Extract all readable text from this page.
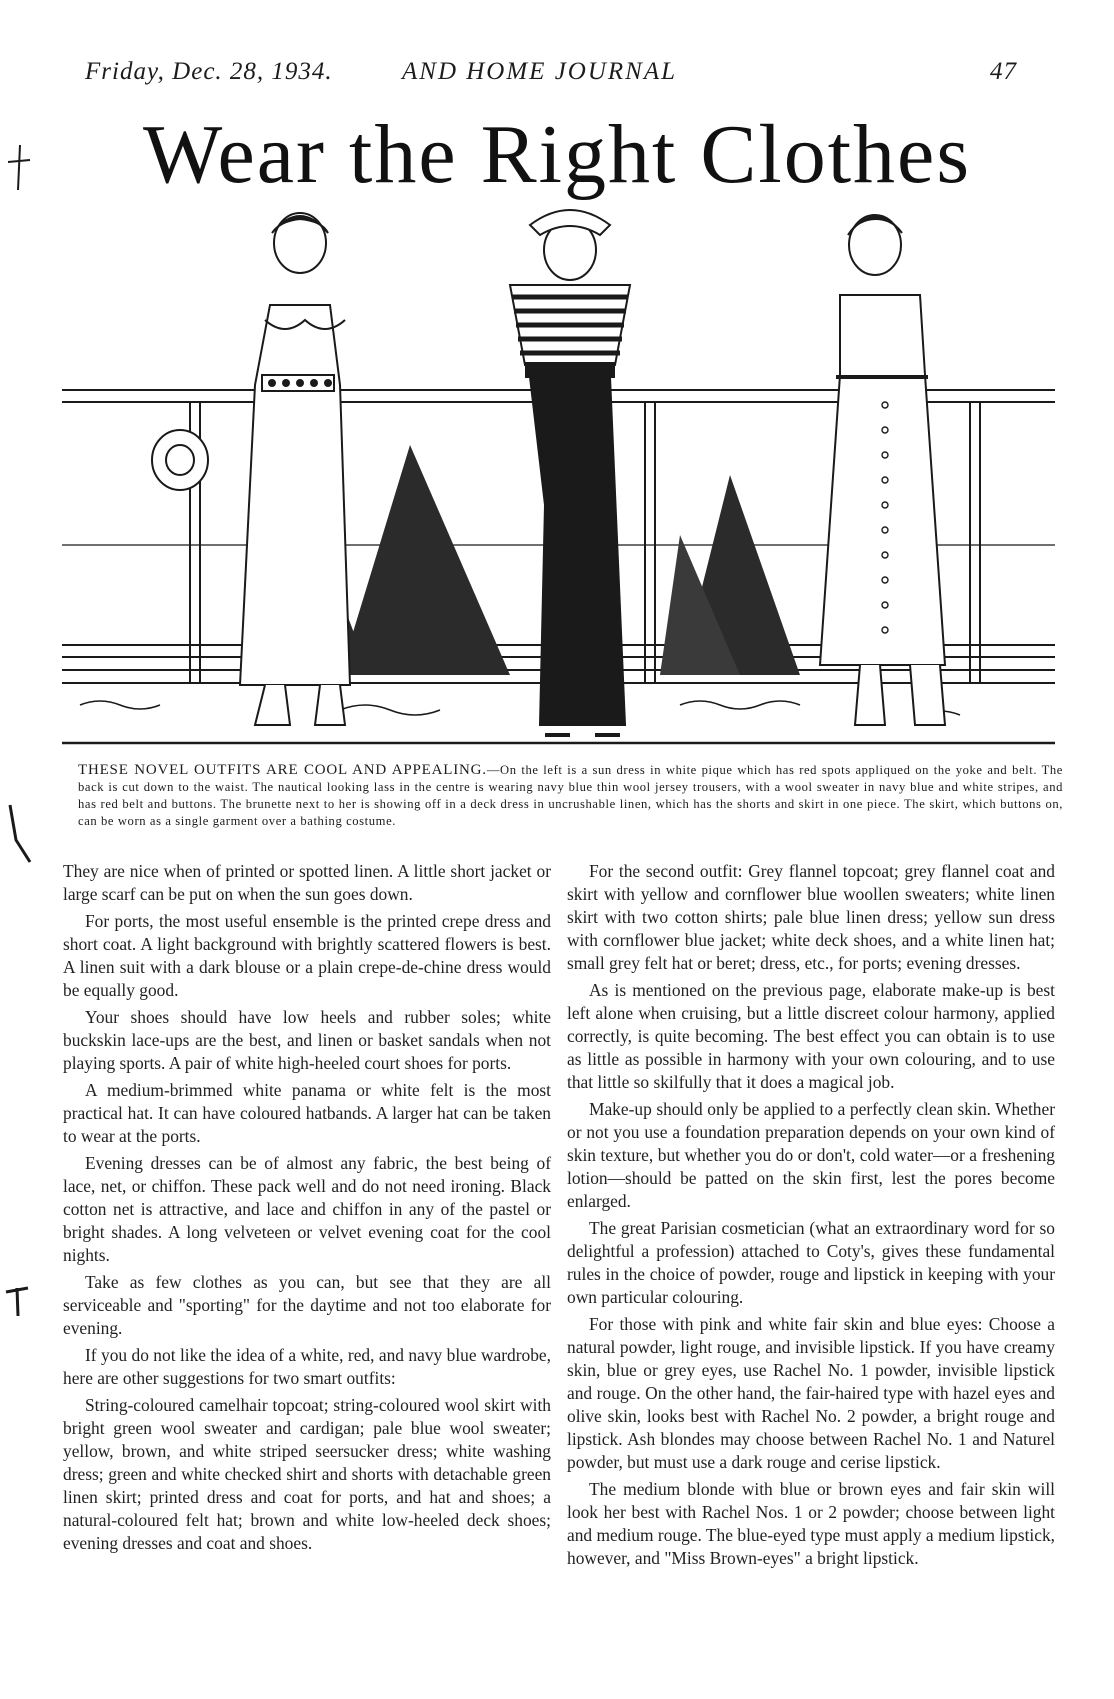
Friday, Dec. 28, 1934.	AND HOME JOURNAL	47
Wear the Right Clothes
THESE NOVEL OUTFITS ARE COOL AND APPEALING.—On the left is a sun dress in white pique which has red spots appliqued on the yoke and belt. The back is cut down to the waist. The nautical looking lass in the centre is wearing navy blue thin wool jersey trousers, with a wool sweater in navy blue and white stripes, and has red belt and buttons. The brunette next to her is showing off in a deck dress in uncrushable linen, which has the shorts and skirt in one piece. The skirt, which buttons on, can be worn as a single garment over a bathing costume.

They are nice when of printed or spotted linen. A little short jacket or large scarf can be put on when the sun goes down.

For ports, the most useful ensemble is the printed crepe dress and short coat. A light background with brightly scattered flowers is best. A linen suit with a dark blouse or a plain crepe-de-chine dress would be equally good.

Your shoes should have low heels and rubber soles; white buckskin lace-ups are the best, and linen or basket sandals when not playing sports. A pair of white high-heeled court shoes for ports.

A medium-brimmed white panama or white felt is the most practical hat. It can have coloured hatbands. A larger hat can be taken to wear at the ports.

Evening dresses can be of almost any fabric, the best being of lace, net, or chiffon. These pack well and do not need ironing. Black cotton net is attractive, and lace and chiffon in any of the pastel or bright shades. A long velveteen or velvet evening coat for the cool nights.

Take as few clothes as you can, but see that they are all serviceable and "sporting" for the daytime and not too elaborate for evening.

If you do not like the idea of a white, red, and navy blue wardrobe, here are other suggestions for two smart outfits:

String-coloured camelhair topcoat; string-coloured wool skirt with bright green wool sweater and cardigan; pale blue wool sweater; yellow, brown, and white striped seersucker dress; white washing dress; green and white checked shirt and shorts with detachable green linen skirt; printed dress and coat for ports, and hat and shoes; a natural-coloured felt hat; brown and white low-heeled deck shoes; evening dresses and coat and shoes.

For the second outfit: Grey flannel topcoat; grey flannel coat and skirt with yellow and cornflower blue woollen sweaters; white linen skirt with two cotton shirts; pale blue linen dress; yellow sun dress with cornflower blue jacket; white deck shoes, and a white linen hat; small grey felt hat or beret; dress, etc., for ports; evening dresses.

As is mentioned on the previous page, elaborate make-up is best left alone when cruising, but a little discreet colour harmony, applied correctly, is quite becoming. The best effect you can obtain is to use as little as possible in harmony with your own colouring, and to use that little so skilfully that it does a magical job.

Make-up should only be applied to a perfectly clean skin. Whether or not you use a foundation preparation depends on your own kind of skin texture, but whether you do or don't, cold water—or a freshening lotion—should be patted on the skin first, lest the pores become enlarged.

The great Parisian cosmetician (what an extraordinary word for so delightful a profession) attached to Coty's, gives these fundamental rules in the choice of powder, rouge and lipstick in keeping with your own particular colouring.

For those with pink and white fair skin and blue eyes: Choose a natural powder, light rouge, and invisible lipstick. If you have creamy skin, blue or grey eyes, use Rachel No. 1 powder, invisible lipstick and rouge. On the other hand, the fair-haired type with hazel eyes and olive skin, looks best with Rachel No. 2 powder, a bright rouge and lipstick. Ash blondes may choose between Rachel No. 1 and Naturel powder, but must use a dark rouge and cerise lipstick.

The medium blonde with blue or brown eyes and fair skin will look her best with Rachel Nos. 1 or 2 powder; choose between light and medium rouge. The blue-eyed type must apply a medium lipstick, however, and "Miss Brown-eyes" a bright lipstick.
